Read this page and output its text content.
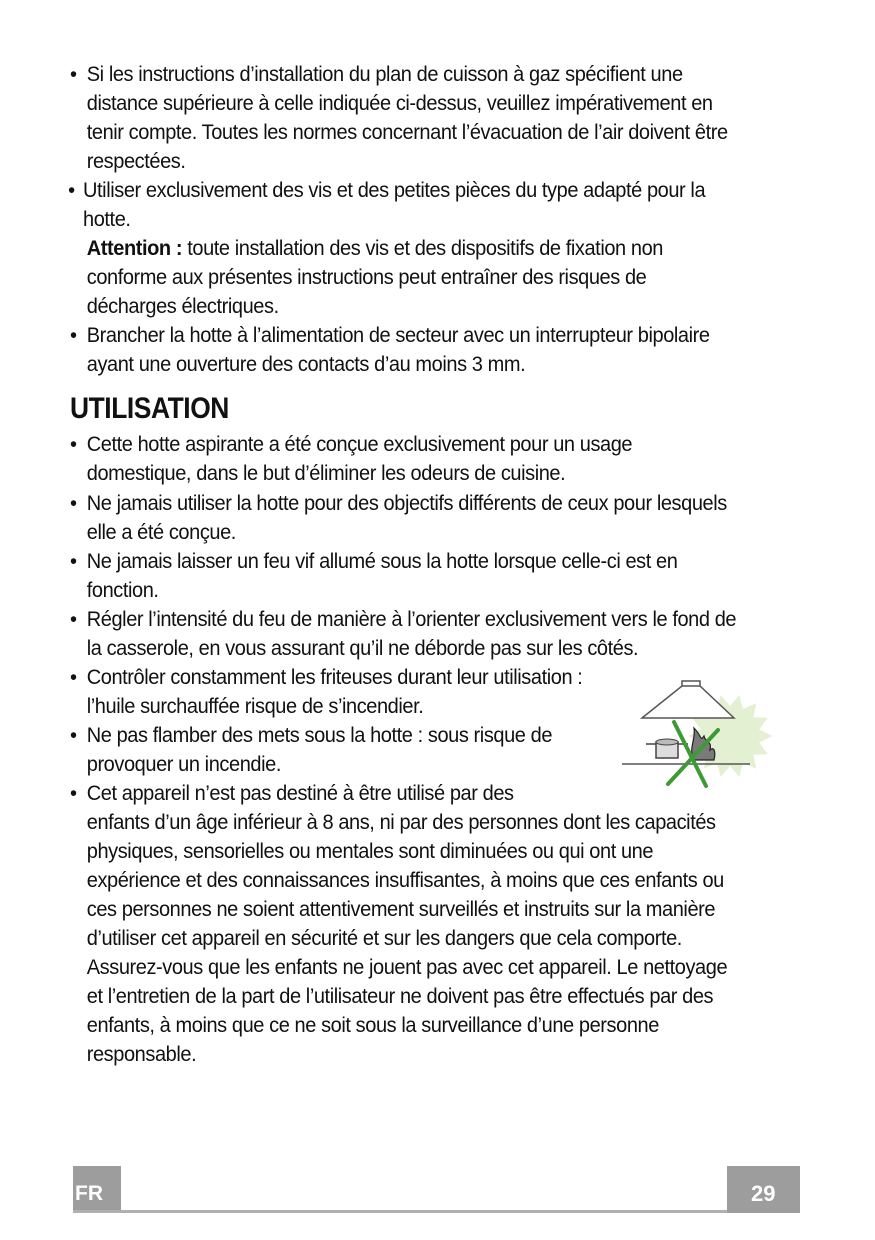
• Si les instructions d’installation du plan de cuisson à gaz spécifient une distance supérieure à celle indiquée ci-dessus, veuillez impérativement en tenir compte. Toutes les normes concernant l’évacuation de l’air doivent être respectées.
• Utiliser exclusivement des vis et des petites pièces du type adapté pour la
hotte.
Attention : toute installation des vis et des dispositifs de fixation non conforme aux présentes instructions peut entraîner des risques de décharges électriques.
• Brancher la hotte à l’alimentation de secteur avec un interrupteur bipolaire ayant une ouverture des contacts d’au moins 3 mm.
UTILISATION
• Cette hotte aspirante a été conçue exclusivement pour un usage domestique, dans le but d’éliminer les odeurs de cuisine.
• Ne jamais utiliser la hotte pour des objectifs différents de ceux pour lesquels elle a été conçue.
• Ne jamais laisser un feu vif allumé sous la hotte lorsque celle-ci est en fonction.
• Régler l’intensité du feu de manière à l’orienter exclusivement vers le fond de la casserole, en vous assurant qu’il ne déborde pas sur les côtés.
• Contrôler constamment les friteuses durant leur utilisation : l’huile surchauffée risque de s’incendier.
• Ne pas flamber des mets sous la hotte : sous risque de provoquer un incendie.
• Cet appareil n’est pas destiné à être utilisé par des
enfants d’un âge inférieur à 8 ans, ni par des personnes dont les capacités physiques, sensorielles ou mentales sont diminuées ou qui ont une expérience et des connaissances insuffisantes, à moins que ces enfants ou ces personnes ne soient attentivement surveillés et instruits sur la manière d’utiliser cet appareil en sécurité et sur les dangers que cela comporte. Assurez-vous que les enfants ne jouent pas avec cet appareil. Le nettoyage et l’entretien de la part de l’utilisateur ne doivent pas être effectués par des enfants, à moins que ce ne soit sous la surveillance d’une personne responsable.
FR	29
